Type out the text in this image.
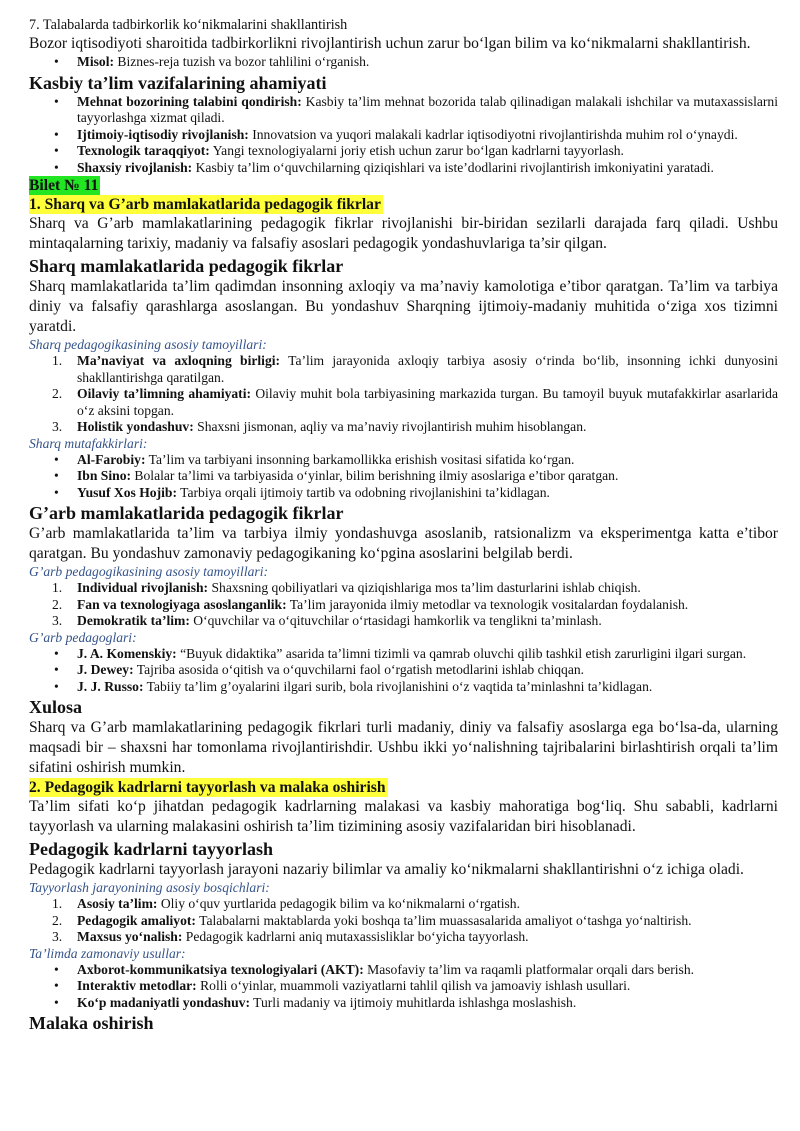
7. Talabalarda tadbirkorlik ko‘nikmalarini shakllantirish

Bozor iqtisodiyoti sharoitida tadbirkorlikni rivojlantirish uchun zarur bo‘lgan bilim va ko‘nikmalarni shakllantirish.

•	Misol: Biznes-reja tuzish va bozor tahlilini o‘rganish.
Kasbiy ta’lim vazifalarining ahamiyati
•	Mehnat bozorining talabini qondirish: Kasbiy ta’lim mehnat bozorida talab qilinadigan malakali ishchilar va mutaxassislarni tayyorlashga xizmat qiladi.
•	Ijtimoiy-iqtisodiy rivojlanish: Innovatsion va yuqori malakali kadrlar iqtisodiyotni rivojlantirishda muhim rol o‘ynaydi.
•	Texnologik taraqqiyot: Yangi texnologiyalarni joriy etish uchun zarur bo‘lgan kadrlarni tayyorlash.
•	Shaxsiy rivojlanish: Kasbiy ta’lim o‘quvchilarning qiziqishlari va iste’dodlarini rivojlantirish imkoniyatini yaratadi.
Bilet № 11
1. Sharq va G’arb mamlakatlarida pedagogik fikrlar

Sharq va G’arb mamlakatlarining pedagogik fikrlar rivojlanishi bir-biridan sezilarli darajada farq qiladi. Ushbu mintaqalarning tarixiy, madaniy va falsafiy asoslari pedagogik yondashuvlariga ta’sir qilgan.

Sharq mamlakatlarida pedagogik fikrlar

Sharq mamlakatlarida ta’lim qadimdan insonning axloqiy va ma’naviy kamolotiga e’tibor qaratgan. Ta’lim va tarbiya diniy va falsafiy qarashlarga asoslangan. Bu yondashuv Sharqning ijtimoiy-madaniy muhitida o‘ziga xos tizimni yaratdi.

Sharq pedagogikasining asosiy tamoyillari:
1.	Ma’naviyat va axloqning birligi: Ta’lim jarayonida axloqiy tarbiya asosiy o‘rinda bo‘lib, insonning ichki dunyosini shakllantirishga qaratilgan.
2.	Oilaviy ta’limning ahamiyati: Oilaviy muhit bola tarbiyasining markazida turgan. Bu tamoyil buyuk mutafakkirlar asarlarida o‘z aksini topgan.
3.	Holistik yondashuv: Shaxsni jismonan, aqliy va ma’naviy rivojlantirish muhim hisoblangan.
Sharq mutafakkirlari:
•	Al-Farobiy: Ta’lim va tarbiyani insonning barkamollikka erishish vositasi sifatida ko‘rgan.
•	Ibn Sino: Bolalar ta’limi va tarbiyasida o‘yinlar, bilim berishning ilmiy asoslariga e’tibor qaratgan.
•	Yusuf Xos Hojib: Tarbiya orqali ijtimoiy tartib va odobning rivojlanishini ta’kidlagan.
G’arb mamlakatlarida pedagogik fikrlar

G’arb mamlakatlarida ta’lim va tarbiya ilmiy yondashuvga asoslanib, ratsionalizm va eksperimentga katta e’tibor qaratgan. Bu yondashuv zamonaviy pedagogikaning ko‘pgina asoslarini belgilab berdi.

G’arb pedagogikasining asosiy tamoyillari:
1.	Individual rivojlanish: Shaxsning qobiliyatlari va qiziqishlariga mos ta’lim dasturlarini ishlab chiqish.
2.	Fan va texnologiyaga asoslanganlik: Ta’lim jarayonida ilmiy metodlar va texnologik vositalardan foydalanish.
3.	Demokratik ta’lim: O‘quvchilar va o‘qituvchilar o‘rtasidagi hamkorlik va tenglikni ta’minlash.
G’arb pedagoglari:
•	J. A. Komenskiy: “Buyuk didaktika” asarida ta’limni tizimli va qamrab oluvchi qilib tashkil etish zarurligini ilgari surgan.
•	J. Dewey: Tajriba asosida o‘qitish va o‘quvchilarni faol o‘rgatish metodlarini ishlab chiqqan.
•	J. J. Russo: Tabiiy ta’lim g’oyalarini ilgari surib, bola rivojlanishini o‘z vaqtida ta’minlashni ta’kidlagan.
Xulosa

Sharq va G’arb mamlakatlarining pedagogik fikrlari turli madaniy, diniy va falsafiy asoslarga ega bo‘lsa-da, ularning maqsadi bir – shaxsni har tomonlama rivojlantirishdir. Ushbu ikki yo‘nalishning tajribalarini birlashtirish orqali ta’lim sifatini oshirish mumkin.

2. Pedagogik kadrlarni tayyorlash va malaka oshirish

Ta’lim sifati ko‘p jihatdan pedagogik kadrlarning malakasi va kasbiy mahoratiga bog‘liq. Shu sababli, kadrlarni tayyorlash va ularning malakasini oshirish ta’lim tizimining asosiy vazifalaridan biri hisoblanadi.

Pedagogik kadrlarni tayyorlash

Pedagogik kadrlarni tayyorlash jarayoni nazariy bilimlar va amaliy ko‘nikmalarni shakllantirishni o‘z ichiga oladi.

Tayyorlash jarayonining asosiy bosqichlari:
1.	Asosiy ta’lim: Oliy o‘quv yurtlarida pedagogik bilim va ko‘nikmalarni o‘rgatish.
2.	Pedagogik amaliyot: Talabalarni maktablarda yoki boshqa ta’lim muassasalarida amaliyot o‘tashga yo‘naltirish.
3.	Maxsus yo‘nalish: Pedagogik kadrlarni aniq mutaxassisliklar bo‘yicha tayyorlash.
Ta’limda zamonaviy usullar:
•	Axborot-kommunikatsiya texnologiyalari (AKT): Masofaviy ta’lim va raqamli platformalar orqali dars berish.
•	Interaktiv metodlar: Rolli o‘yinlar, muammoli vaziyatlarni tahlil qilish va jamoaviy ishlash usullari.
•	Ko‘p madaniyatli yondashuv: Turli madaniy va ijtimoiy muhitlarda ishlashga moslashish.
Malaka oshirish
